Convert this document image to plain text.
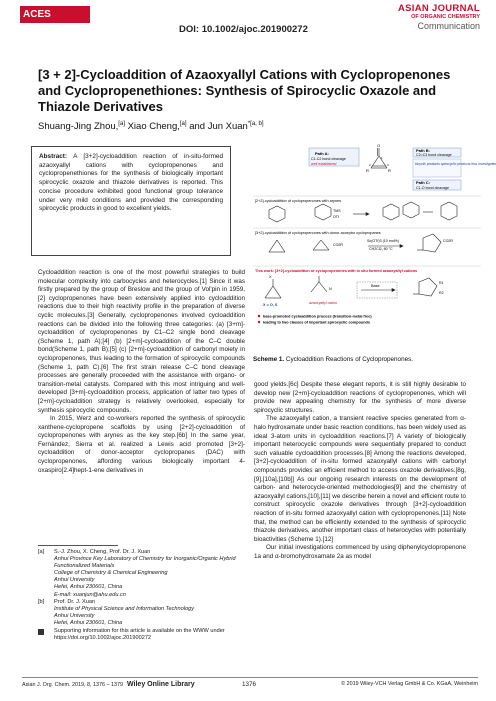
ACESAsian Chemical Editorial Society	DOI: 10.1002/ajoc.201900272
ASIAN JOURNAL
OF ORGANIC CHEMISTRY
Communication
[3 + 2]-Cycloaddition of Azaoxyallyl Cations with Cyclopropenones and Cyclopropenethiones: Synthesis of Spirocyclic Oxazole and Thiazole Derivatives
Shuang-Jing Zhou,[a] Xiao Cheng,[a] and Jun Xuan$^{*[a, b]}$
Abstract: A [3+2]-cycloaddition reaction of in-situ-formed azaoxyallyl cations with cyclopropenones and cyclopropenethiones for the synthesis of biologically important spirocyclic oxazole and thiazole derivatives is reported. This concise procedure exhibited good functional group tolerance under very mild conditions and provided the corresponding spirocyclic products in good to excellent yields.
Path A:
C1-C2 bond cleavage
well established
O
R	R
1
2	3
Path B:
C2=C3 bond cleavage
bicyclic products spirocyclic products less investigated
Path C:
C1-O bond cleavage
[2+2]-cycloaddition of cyclopropenones with arynes
TMS
OTf
[3+2]-cycloaddition of cyclopropenones with donor-acceptor cyclopropanes
CO2R
Sc(OTf)3 (10 mol%)
CH2Cl2, 80 °C
CO2R
This work: [3+2]-cycloaddition of cyclopropenones with in situ formed azaoxyallyl cations
Base
X
X = O, S
N
azaoxyallyl cation
R1
R2
base-promoted cycloaddition process (transition-metal free)
leading to two classes of important spirocyclic compounds
Scheme 1. Cycloaddition Reactions of Cyclopropenones.

Cycloaddition reaction is one of the most powerful strategies to build molecular complexity into carbocycles and heterocycles.[1] Since it was firstly prepared by the group of Breslow and the group of Vol'pin in 1959,[2] cyclopropenones have been extensively applied into cycloaddition reactions due to their high reactivity profile in the preparation of diverse cyclic molecules.[3] Generally, cyclopropenones involved cycloaddition reactions can be divided into the following three categories: (a) [3+m]-cycloaddition of cyclopropenones by C1–C2 single bond cleavage (Scheme 1, path A);[4] (b) [2+m]-cycloaddition of the C–C double bond(Scheme 1, path B);[5] (c) [2+m]-cycloaddition of carbonyl moiety in cyclopropenones, thus leading to the formation of spirocyclic compounds (Scheme 1, path C).[6] The first strain release C–C bond cleavage processes are generally proceeded with the assistance with organo- or transition-metal catalysts. Compared with this most intriguing and well-developed [3+m]-cycloaddition process, application of latter two types of [2+m]-cycloaddition strategy is relatively overlooked, especially for synthesis spirocyclic compounds.

In 2015, Werz and co-workers reported the synthesis of spirocyclic xanthene-cyclopropene scaffolds by using [2+2]-cycloaddition of cyclopropenones with arynes as the key step.[6b] In the same year, Fernández, Sierra et al. realized a Lewis acid promoted [3+2]-cycloaddition of donor-acceptor cyclopropanes (DAC) with cyclopropenones, affording various biologically important 4-oxaspiro[2.4]hept-1-ene derivatives in

good yields.[6c] Despite these elegant reports, it is still highly desirable to develop new [2+m]-cycloaddition reactions of cyclopropenones, which will provide new appealing chemistry for the synthesis of more diverse spirocyclic structures.

The azaoxyallyl cation, a transient reactive species generated from α-halo hydroxamate under basic reaction conditions, has been widely used as ideal 3-atom units in cycloaddition reactions.[7] A variety of biologically important heterocyclic compounds were sequentially prepared to conduct such valuable cycloaddition processes.[8] Among the reactions developed, [3+2]-cycloaddition of in-situ formed azaoxyallyl cations with carbonyl compounds provides an efficient method to access oxazole derivatives.[8g,[9],[10a],[10b]] As our ongoing research interests on the development of carbon- and heterocycle-oriented methodologies[9] and the chemistry of azaoxyallyl cations,[10],[11] we describe herein a novel and efficient route to construct spirocyclic oxazole derivatives through [3+2]-cycloaddition reaction of in-situ formed azaoxyallyl cation with cyclopropenones.[11] Note that, the method can be efficiently extended to the synthesis of spirocyclic thiazole derivatives, another important class of heterocycles with potentially bioactivities (Scheme 1).[12]

Our initial investigations commenced by using diphenylcyclopropenone 1a and α-bromohydroxamate 2a as model

[a]	S.-J. Zhou, X. Cheng, Prof. Dr. J. Xuan
Anhui Province Key Laboratory of Chemistry for Inorganic/Organic Hybrid Functionalized Materials
College of Chemistry & Chemical Engineering
Anhui University
Hefei, Anhui 230601, China
E-mail: xuanjun@ahu.edu.cn
[b]	Prof. Dr. J. Xuan
Institute of Physical Science and Information Technology
Anhui University
Hefei, Anhui 230601, China
Supporting information for this article is available on the WWW under https://doi.org/10.1002/ajoc.201900272
Asian J. Org. Chem. 2019, 8, 1376 – 1379 Wiley Online Library	1376	© 2019 Wiley-VCH Verlag GmbH & Co. KGaA, Weinheim
